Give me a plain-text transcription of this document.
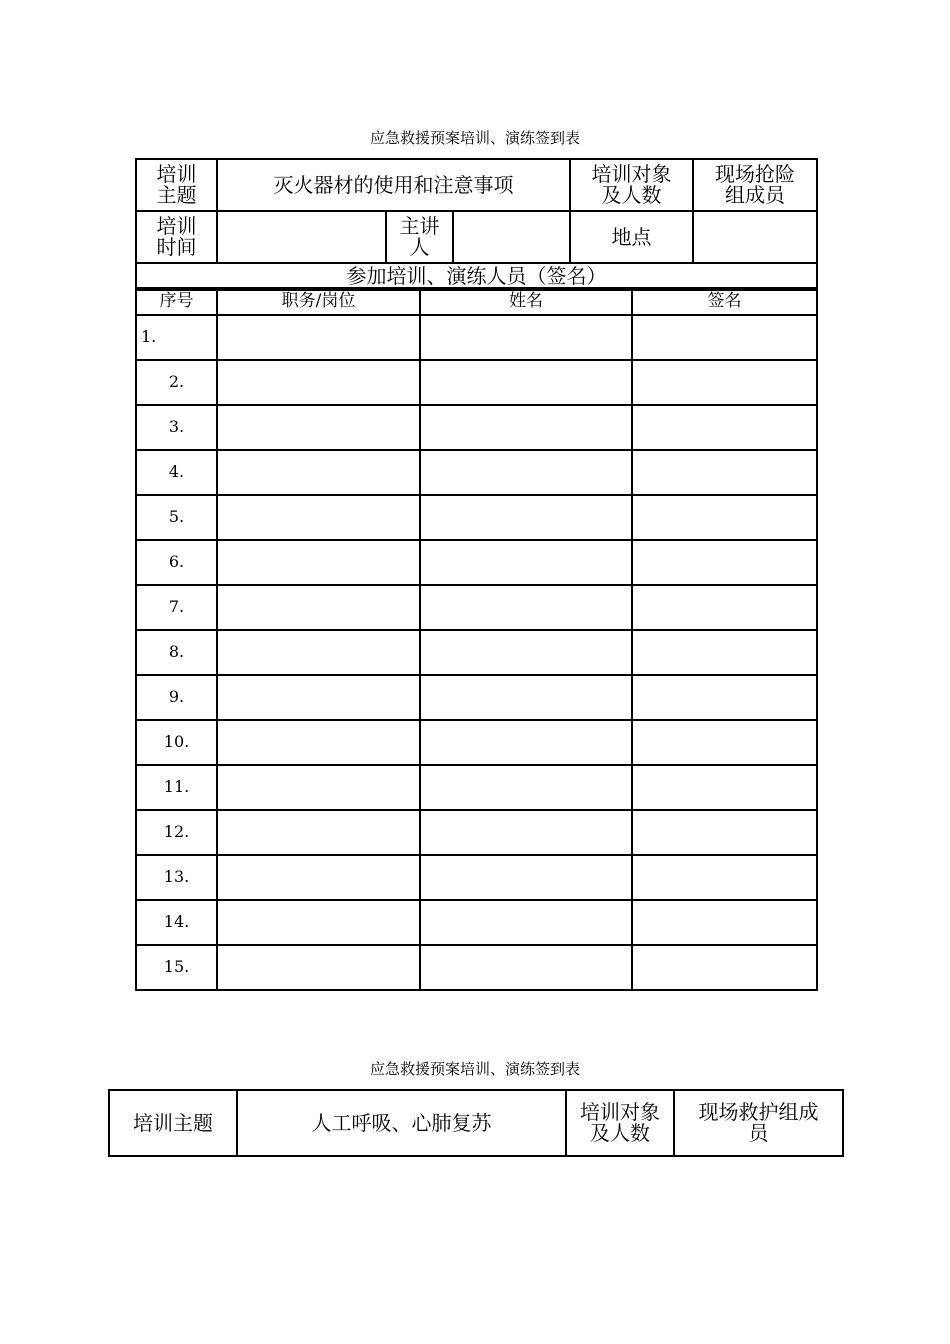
应急救援预案培训、演练签到表
培训主题	灭火器材的使用和注意事项			培训对象及人数	现场抢险组成员
培训时间		主讲人		地点	
参加培训、演练人员（签名）					
序号	职务/岗位	姓名	签名
1.			
2.			
3.			
4.			
5.			
6.			
7.			
8.			
9.			
10.			
11.			
12.			
13.			
14.			
15.			
应急救援预案培训、演练签到表
培训主题	人工呼吸、心肺复苏	培训对象及人数	现场救护组成员
